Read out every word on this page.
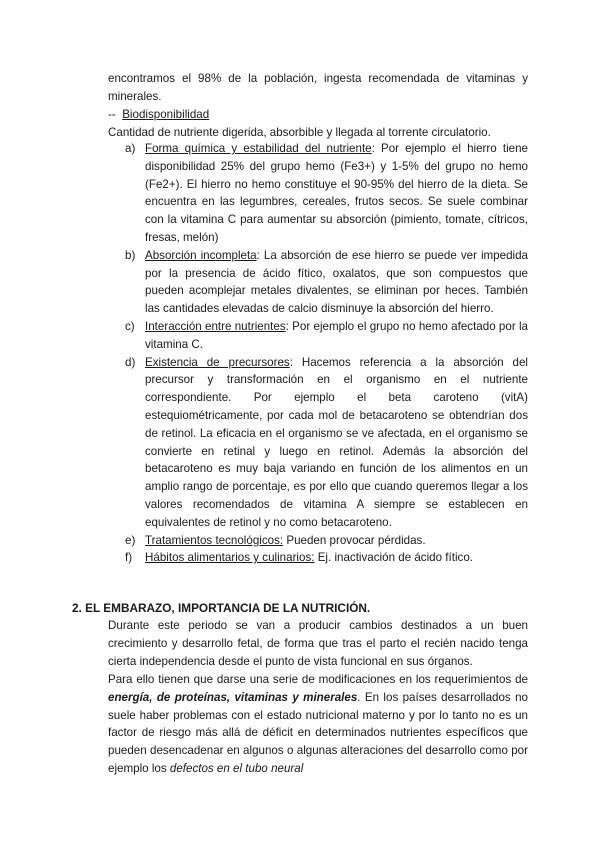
encontramos el 98% de la población, ingesta recomendada de vitaminas y minerales.
-- Biodisponibilidad
Cantidad de nutriente digerida, absorbible y llegada al torrente circulatorio.
a) Forma química y estabilidad del nutriente: Por ejemplo el hierro tiene disponibilidad 25% del grupo hemo (Fe3+) y 1-5% del grupo no hemo (Fe2+). El hierro no hemo constituye el 90-95% del hierro de la dieta. Se encuentra en las legumbres, cereales, frutos secos. Se suele combinar con la vitamina C para aumentar su absorción (pimiento, tomate, cítricos, fresas, melón)
b) Absorción incompleta: La absorción de ese hierro se puede ver impedida por la presencia de ácido fítico, oxalatos, que son compuestos que pueden acomplejar metales divalentes, se eliminan por heces. También las cantidades elevadas de calcio disminuye la absorción del hierro.
c) Interacción entre nutrientes: Por ejemplo el grupo no hemo afectado por la vitamina C.
d) Existencia de precursores: Hacemos referencia a la absorción del precursor y transformación en el organismo en el nutriente correspondiente. Por ejemplo el beta caroteno (vitA) estequiométricamente, por cada mol de betacaroteno se obtendrían dos de retinol. La eficacia en el organismo se ve afectada, en el organismo se convierte en retinal y luego en retinol. Además la absorción del betacaroteno es muy baja variando en función de los alimentos en un amplio rango de porcentaje, es por ello que cuando queremos llegar a los valores recomendados de vitamina A siempre se establecen en equivalentes de retinol y no como betacaroteno.
e) Tratamientos tecnológicos: Pueden provocar pérdidas.
f) Hábitos alimentarios y culinarios: Ej. inactivación de ácido fítico.
2. EL EMBARAZO, IMPORTANCIA DE LA NUTRICIÓN.
Durante este periodo se van a producir cambios destinados a un buen crecimiento y desarrollo fetal, de forma que tras el parto el recién nacido tenga cierta independencia desde el punto de vista funcional en sus órganos.
Para ello tienen que darse una serie de modificaciones en los requerimientos de energía, de proteínas, vitaminas y minerales. En los países desarrollados no suele haber problemas con el estado nutricional materno y por lo tanto no es un factor de riesgo más allá de déficit en determinados nutrientes específicos que pueden desencadenar en algunos o algunas alteraciones del desarrollo como por ejemplo los defectos en el tubo neural
